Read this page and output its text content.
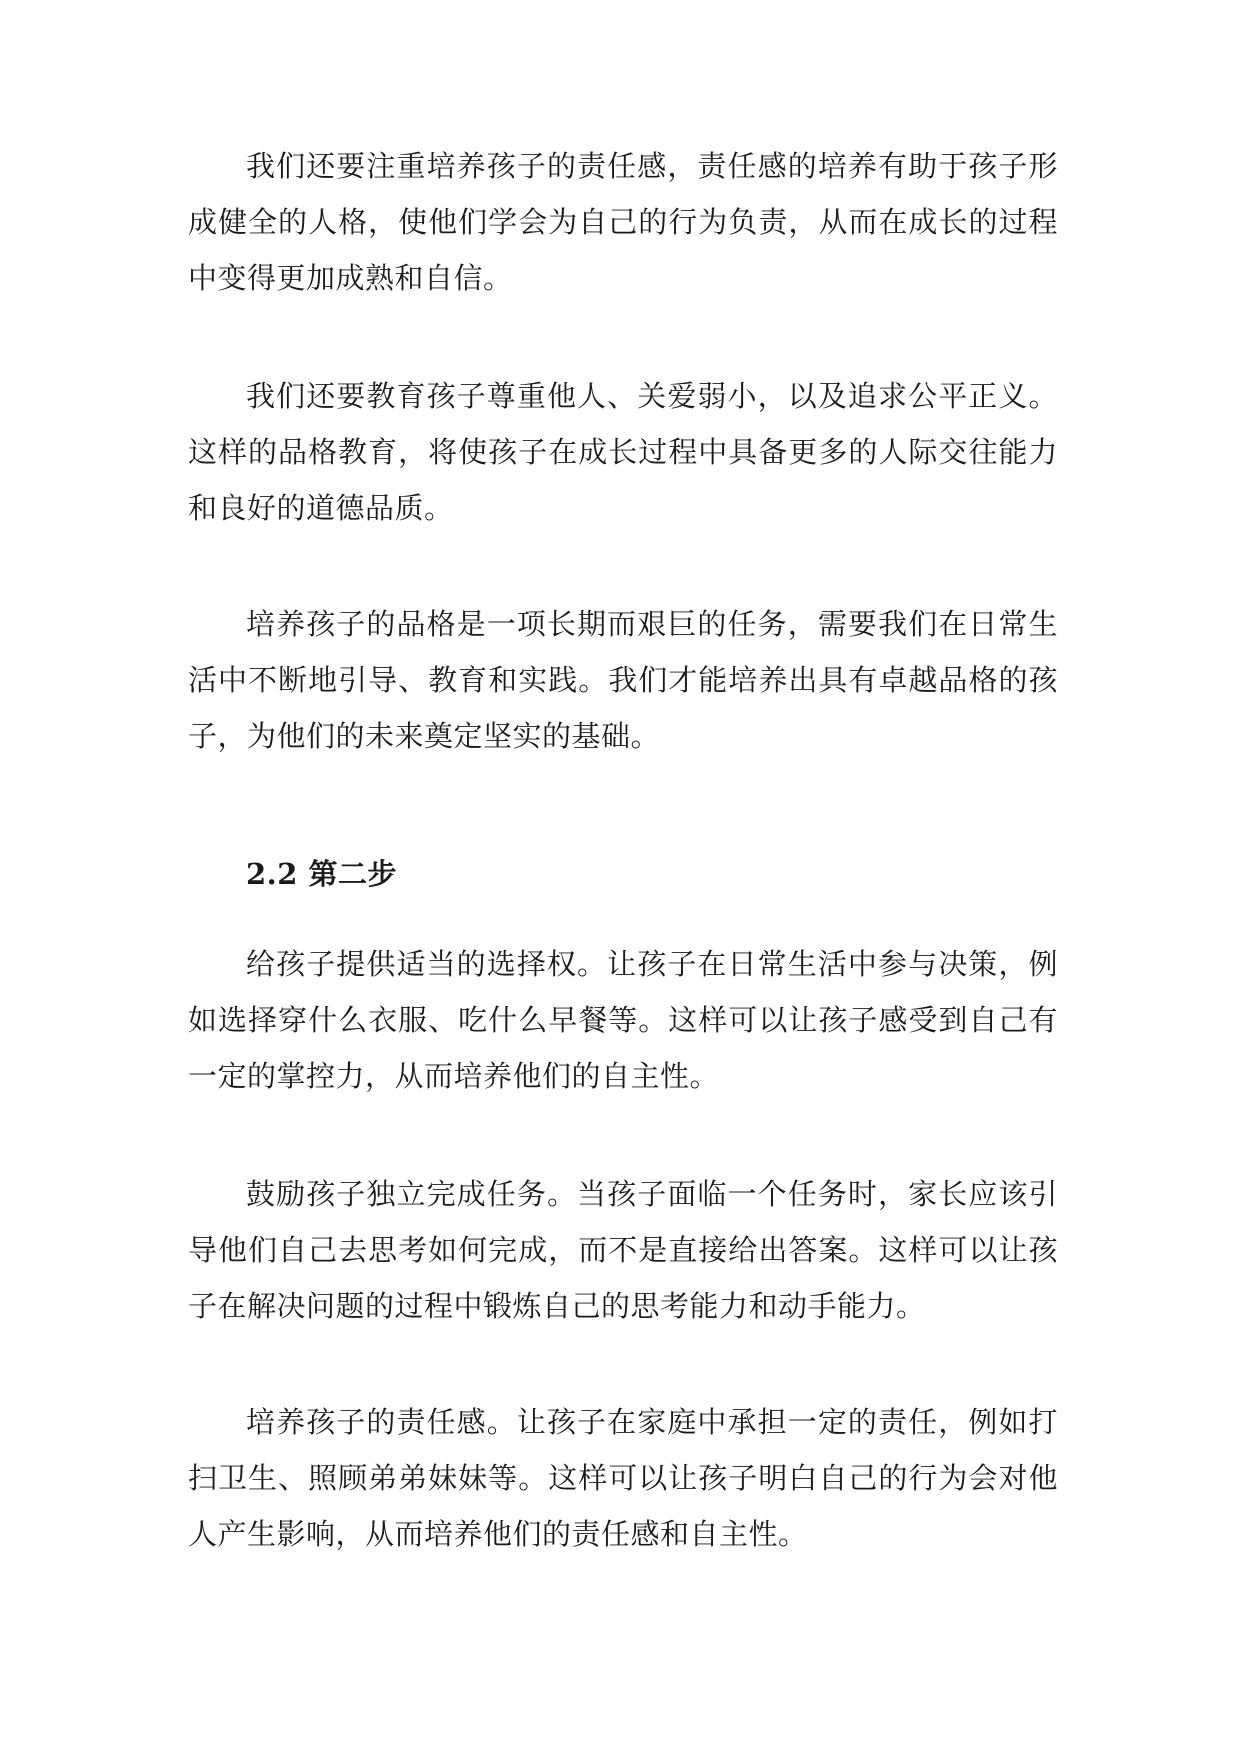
我们还要注重培养孩子的责任感，责任感的培养有助于孩子形成健全的人格，使他们学会为自己的行为负责，从而在成长的过程中变得更加成熟和自信。

我们还要教育孩子尊重他人、关爱弱小，以及追求公平正义。这样的品格教育，将使孩子在成长过程中具备更多的人际交往能力和良好的道德品质。

培养孩子的品格是一项长期而艰巨的任务，需要我们在日常生活中不断地引导、教育和实践。我们才能培养出具有卓越品格的孩子，为他们的未来奠定坚实的基础。

2.2 第二步

给孩子提供适当的选择权。让孩子在日常生活中参与决策，例如选择穿什么衣服、吃什么早餐等。这样可以让孩子感受到自己有一定的掌控力，从而培养他们的自主性。

鼓励孩子独立完成任务。当孩子面临一个任务时，家长应该引导他们自己去思考如何完成，而不是直接给出答案。这样可以让孩子在解决问题的过程中锻炼自己的思考能力和动手能力。

培养孩子的责任感。让孩子在家庭中承担一定的责任，例如打扫卫生、照顾弟弟妹妹等。这样可以让孩子明白自己的行为会对他人产生影响，从而培养他们的责任感和自主性。
